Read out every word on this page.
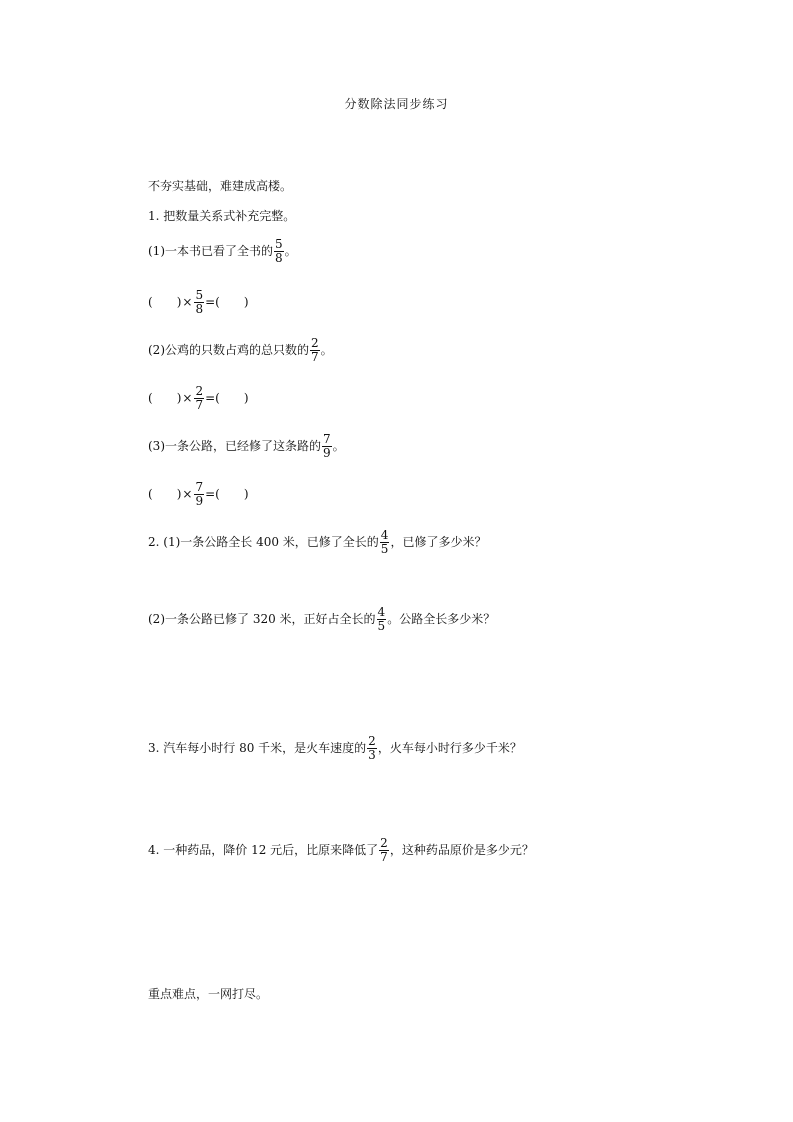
分数除法同步练习
不夯实基础，难建成高楼。
1. 把数量关系式补充完整。
(1)一本书已看了全书的 $\frac{5}{8}$ 。
( )× $\frac{5}{8}$ =( )
(2)公鸡的只数占鸡的总只数的 $\frac{2}{7}$ 。
( )× $\frac{2}{7}$ =( )
(3)一条公路，已经修了这条路的 $\frac{7}{9}$ 。
( )× $\frac{7}{9}$ =( )
2. (1)一条公路全长 400 米，已修了全长的 $\frac{4}{5}$ ，已修了多少米？
(2)一条公路已修了 320 米，正好占全长的 $\frac{4}{5}$ 。公路全长多少米？
3. 汽车每小时行 80 千米，是火车速度的 $\frac{2}{3}$ ，火车每小时行多少千米？
4. 一种药品，降价 12 元后，比原来降低了 $\frac{2}{7}$ ，这种药品原价是多少元？
重点难点，一网打尽。
